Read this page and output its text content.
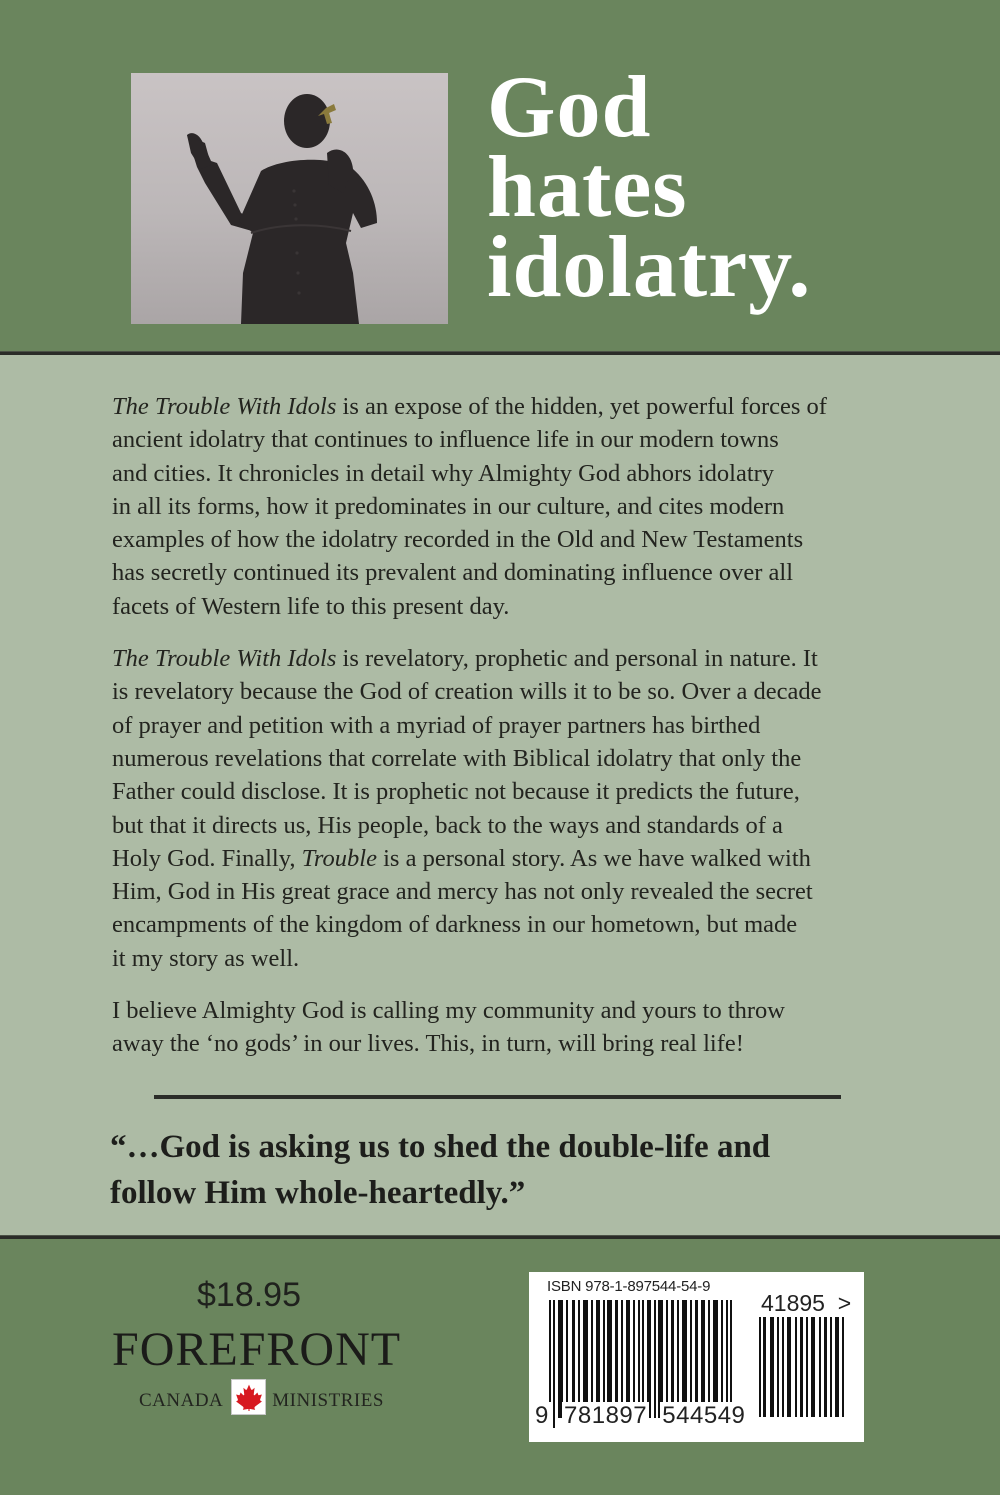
God
hates
idolatry.

The Trouble With Idols is an expose of the hidden, yet powerful forces of
ancient idolatry that continues to influence life in our modern towns
and cities. It chronicles in detail why Almighty God abhors idolatry
in all its forms, how it predominates in our culture, and cites modern
examples of how the idolatry recorded in the Old and New Testaments
has secretly continued its prevalent and dominating influence over all
facets of Western life to this present day.

The Trouble With Idols is revelatory, prophetic and personal in nature. It
is revelatory because the God of creation wills it to be so. Over a decade
of prayer and petition with a myriad of prayer partners has birthed
numerous revelations that correlate with Biblical idolatry that only the
Father could disclose. It is prophetic not because it predicts the future,
but that it directs us, His people, back to the ways and standards of a
Holy God. Finally, Trouble is a personal story. As we have walked with
Him, God in His great grace and mercy has not only revealed the secret
encampments of the kingdom of darkness in our hometown, but made
it my story as well.

I believe Almighty God is calling my community and yours to throw
away the ‘no gods’ in our lives. This, in turn, will bring real life!

“…God is asking us to shed the double-life and
follow Him whole-heartedly.”
$18.95
FOREFRONT
CANADA	MINISTRIES
ISBN 978-1-897544-54-9
41895 >
9 781897 544549
